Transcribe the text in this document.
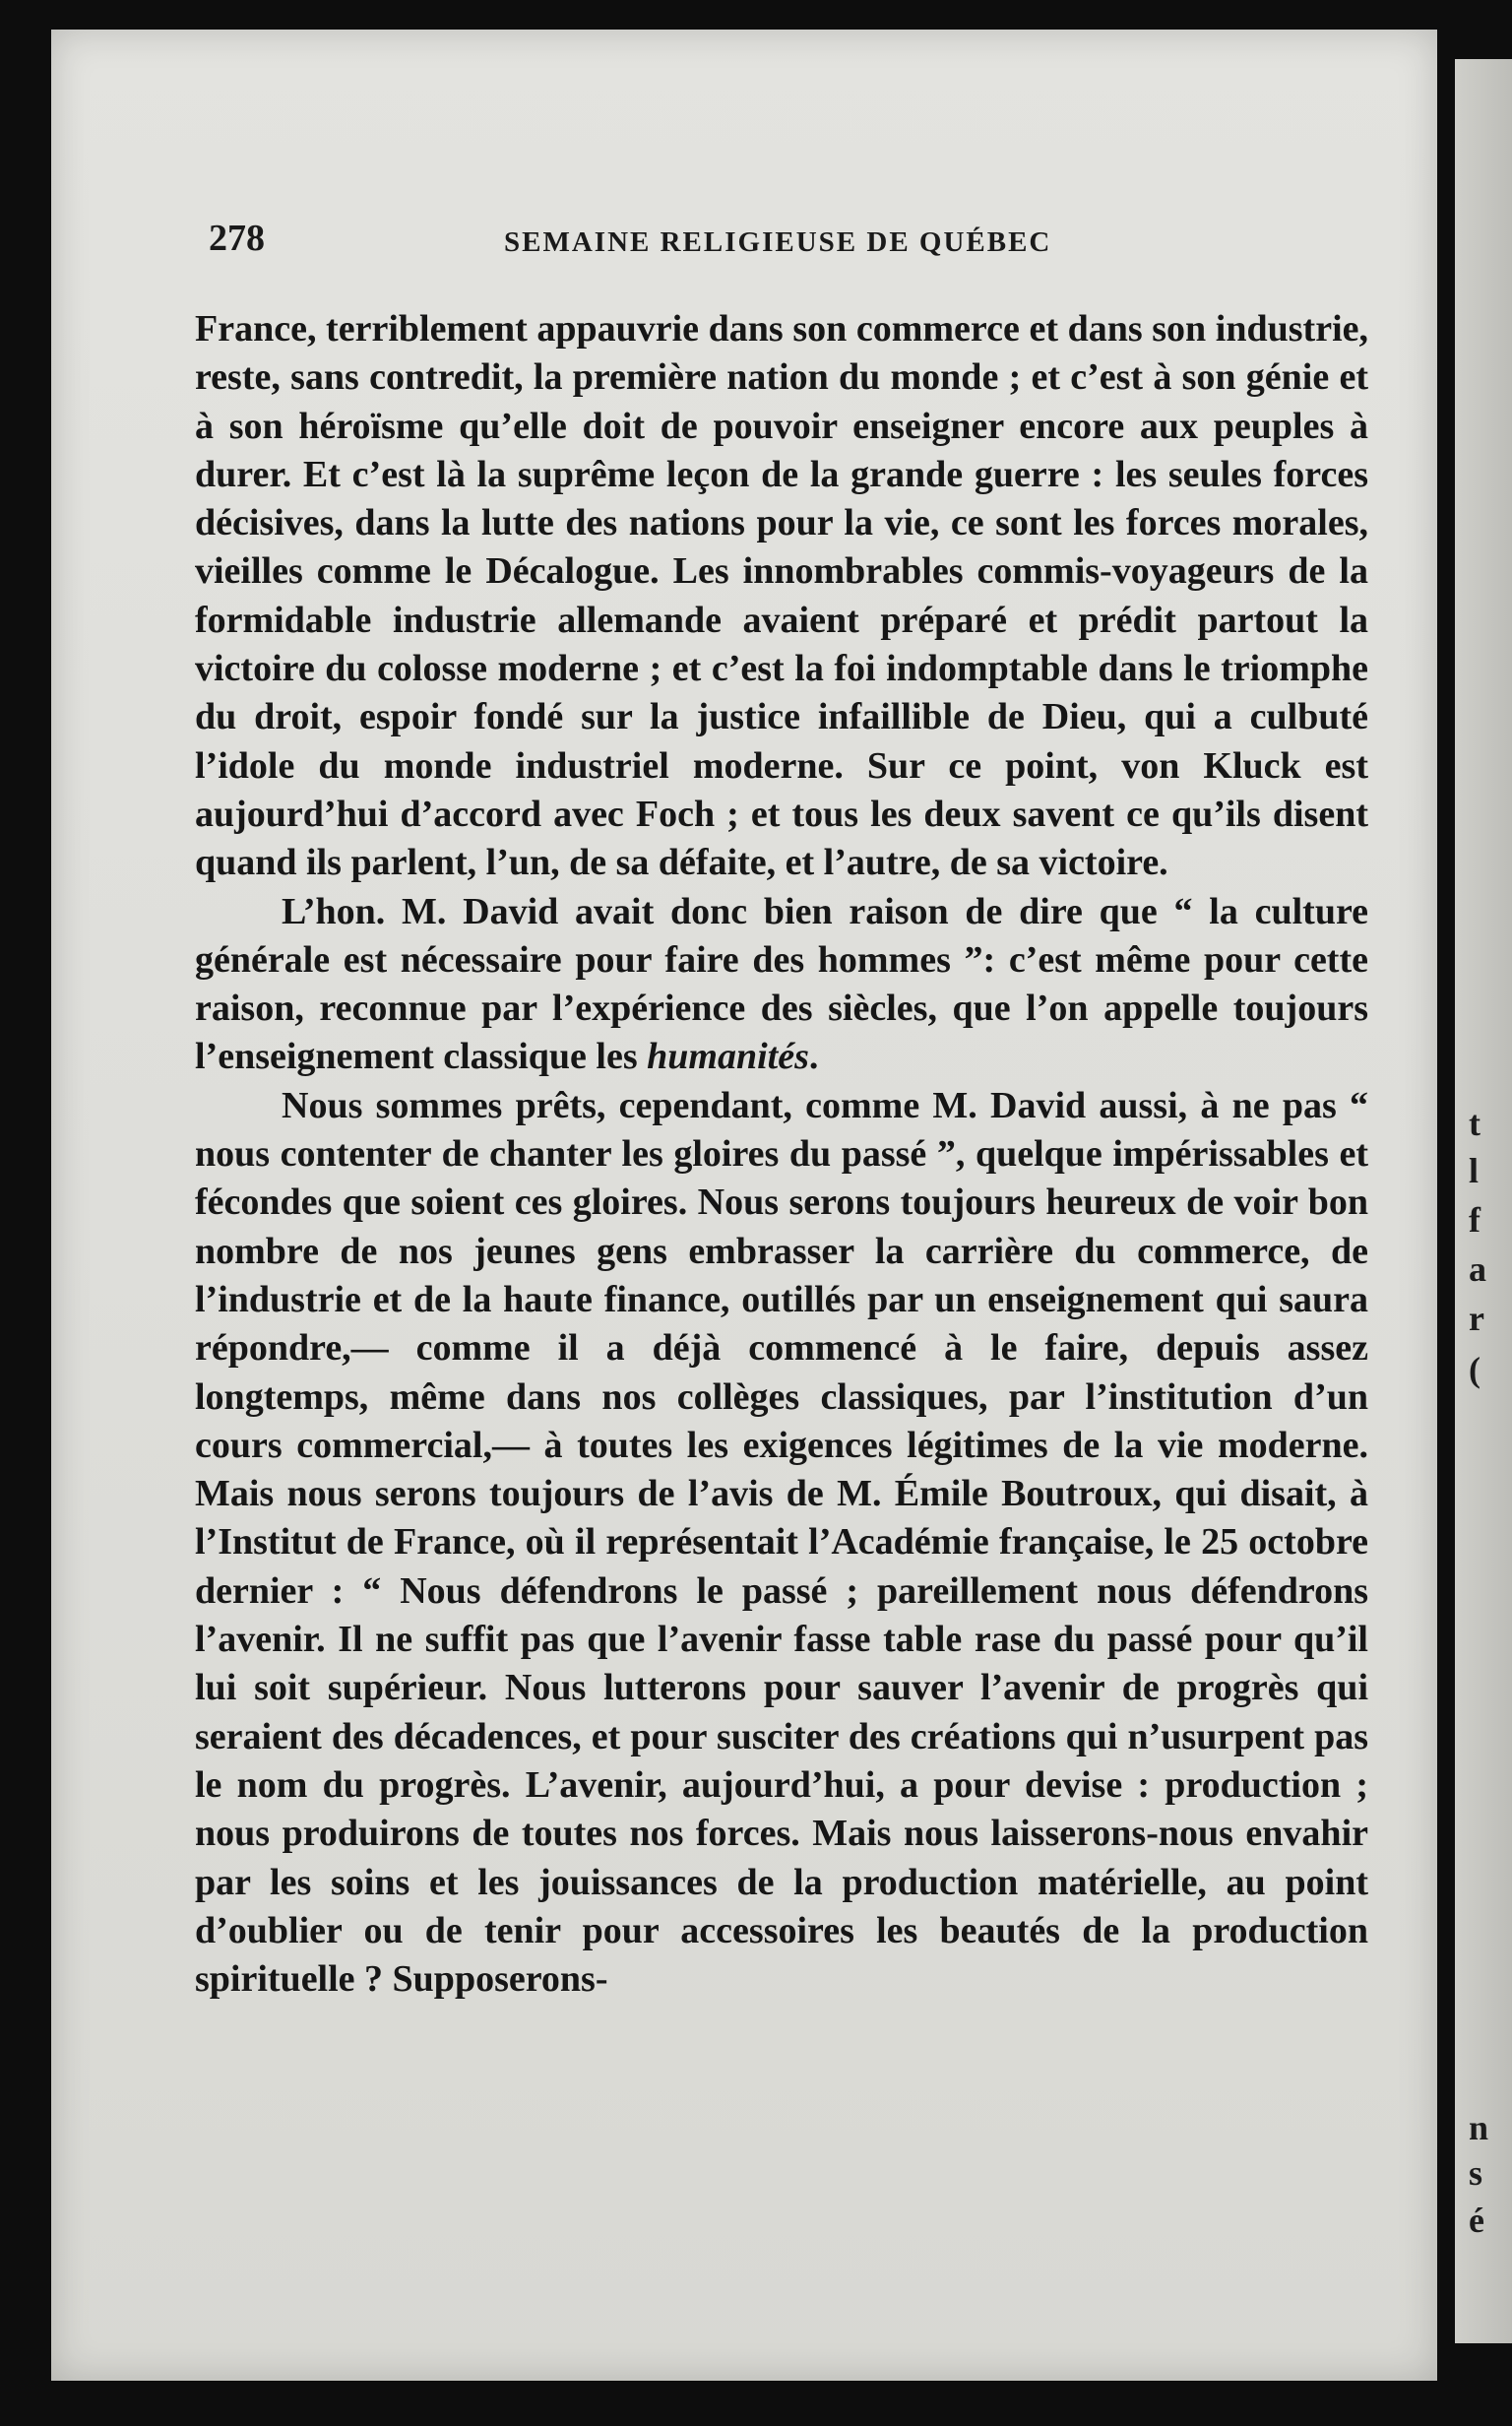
t
l
f
a
r
(
n
s
é
278	SEMAINE RELIGIEUSE DE QUÉBEC

France, terriblement appauvrie dans son commerce et dans son industrie, reste, sans contredit, la première nation du monde ; et c’est à son génie et à son héroïsme qu’elle doit de pouvoir enseigner encore aux peuples à durer. Et c’est là la suprême leçon de la grande guerre : les seules forces décisives, dans la lutte des nations pour la vie, ce sont les forces morales, vieilles comme le Décalogue. Les innombrables commis-voyageurs de la formidable industrie allemande avaient préparé et prédit partout la victoire du colosse moderne ; et c’est la foi indomptable dans le triomphe du droit, espoir fondé sur la justice infaillible de Dieu, qui a culbuté l’idole du monde industriel moderne. Sur ce point, von Kluck est aujourd’hui d’accord avec Foch ; et tous les deux savent ce qu’ils disent quand ils parlent, l’un, de sa défaite, et l’autre, de sa victoire.

L’hon. M. David avait donc bien raison de dire que “ la culture générale est nécessaire pour faire des hommes ”: c’est même pour cette raison, reconnue par l’expérience des siècles, que l’on appelle toujours l’enseignement classique les humanités.

Nous sommes prêts, cependant, comme M. David aussi, à ne pas “ nous contenter de chanter les gloires du passé ”, quelque impérissables et fécondes que soient ces gloires. Nous serons toujours heureux de voir bon nombre de nos jeunes gens embrasser la carrière du commerce, de l’industrie et de la haute finance, outillés par un enseignement qui saura répondre,— comme il a déjà commencé à le faire, depuis assez longtemps, même dans nos collèges classiques, par l’institution d’un cours commercial,— à toutes les exigences légitimes de la vie moderne. Mais nous serons toujours de l’avis de M. Émile Boutroux, qui disait, à l’Institut de France, où il représentait l’Académie française, le 25 octobre dernier : “ Nous défendrons le passé ; pareillement nous défendrons l’avenir. Il ne suffit pas que l’avenir fasse table rase du passé pour qu’il lui soit supérieur. Nous lutterons pour sauver l’avenir de progrès qui seraient des décadences, et pour susciter des créations qui n’usurpent pas le nom du progrès. L’avenir, aujourd’hui, a pour devise : production ; nous produirons de toutes nos forces. Mais nous laisserons-nous envahir par les soins et les jouissances de la production matérielle, au point d’oublier ou de tenir pour accessoires les beautés de la production spirituelle ? Supposerons-
